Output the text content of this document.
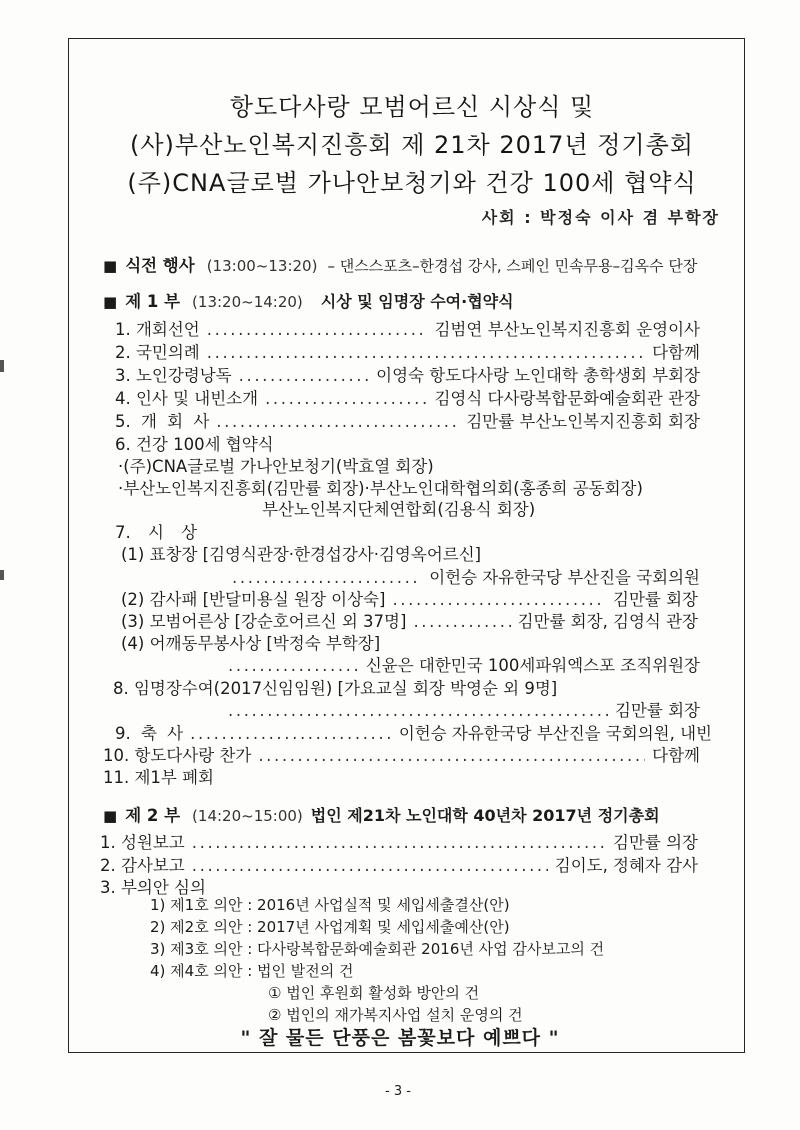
항도다사랑 모범어르신 시상식 및
(사)부산노인복지진흥회 제 21차 2017년 정기총회
(주)CNA글로벌 가나안보청기와 건강 100세 협약식
사회 : 박정숙 이사 겸 부학장
■ 식전 행사 (13:00~13:20) – 댄스스포츠–한경섭 강사, 스페인 민속무용–김옥수 단장
■ 제 1 부 (13:20~14:20) 시상 및 임명장 수여·협약식
1. 개회선언 .....	김범연 부산노인복지진흥회 운영이사
2. 국민의례 .....	다함께
3. 노인강령낭독 .....	이영숙 항도다사랑 노인대학 총학생회 부회장
4. 인사 및 내빈소개 .....	김영식 다사랑복합문화예술회관 관장
5. 개 회 사 .....	김만률 부산노인복지진흥회 회장
6. 건강 100세 협약식
·(주)CNA글로벌 가나안보청기(박효열 회장)
·부산노인복지진흥회(김만률 회장)·부산노인대학협의회(홍종희 공동회장)
부산노인복지단체연합회(김용식 회장)
7. 시 상
(1) 표창장 [김영식관장·한경섭강사·김영옥어르신]
.....
이헌승 자유한국당 부산진을 국회의원
(2) 감사패 [반달미용실 원장 이상숙] .....	김만률 회장
(3) 모범어른상 [강순호어르신 외 37명] .....	김만률 회장, 김영식 관장
(4) 어깨동무봉사상 [박정숙 부학장]
.....
신윤은 대한민국 100세파워엑스포 조직위원장
8. 임명장수여(2017신임임원) [가요교실 회장 박영순 외 9명]
.....
김만률 회장
9. 축 사 .....	이헌승 자유한국당 부산진을 국회의원, 내빈
10. 항도다사랑 찬가 .....	다함께
11. 제1부 폐회
■ 제 2 부 (14:20~15:00) 법인 제21차 노인대학 40년차 2017년 정기총회
1. 성원보고 .....	김만률 의장
2. 감사보고 .....	김이도, 정혜자 감사
3. 부의안 심의
1) 제1호 의안 : 2016년 사업실적 및 세입세출결산(안)
2) 제2호 의안 : 2017년 사업계획 및 세입세출예산(안)
3) 제3호 의안 : 다사랑복합문화예술회관 2016년 사업 감사보고의 건
4) 제4호 의안 : 법인 발전의 건
① 법인 후원회 활성화 방안의 건
② 법인의 재가복지사업 설치 운영의 건
" 잘 물든 단풍은 봄꽃보다 예쁘다 "
- 3 -
